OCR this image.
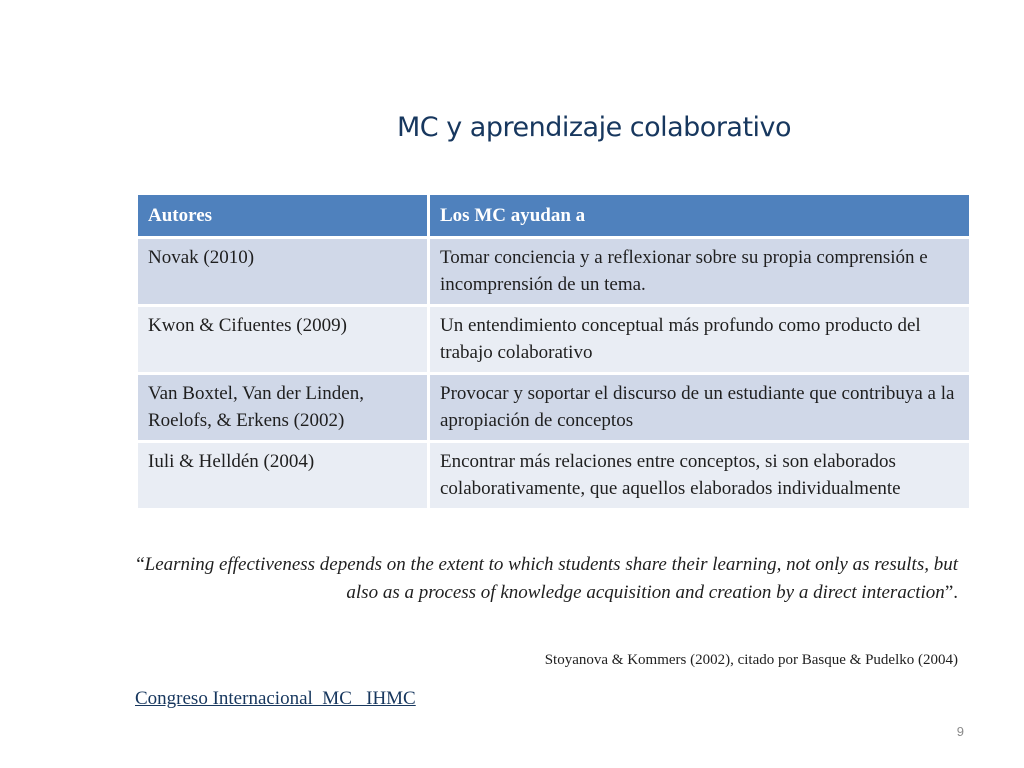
MC y aprendizaje colaborativo
Autores	Los MC ayudan a
Novak (2010)	Tomar conciencia y a reflexionar sobre su propia comprensión e incomprensión de un tema.
Kwon & Cifuentes (2009)	Un entendimiento conceptual más profundo como producto del trabajo colaborativo
Van Boxtel, Van der Linden, Roelofs, & Erkens (2002)	Provocar y soportar el discurso de un estudiante que contribuya a la apropiación de conceptos
Iuli & Helldén (2004)	Encontrar más relaciones entre conceptos, si son elaborados colaborativamente, que aquellos elaborados individualmente
“Learning effectiveness depends on the extent to which students share their learning, not only as results, but also as a process of knowledge acquisition and creation by a direct interaction”.
Stoyanova & Kommers (2002), citado por Basque & Pudelko (2004)
Congreso Internacional  MC   IHMC
9
